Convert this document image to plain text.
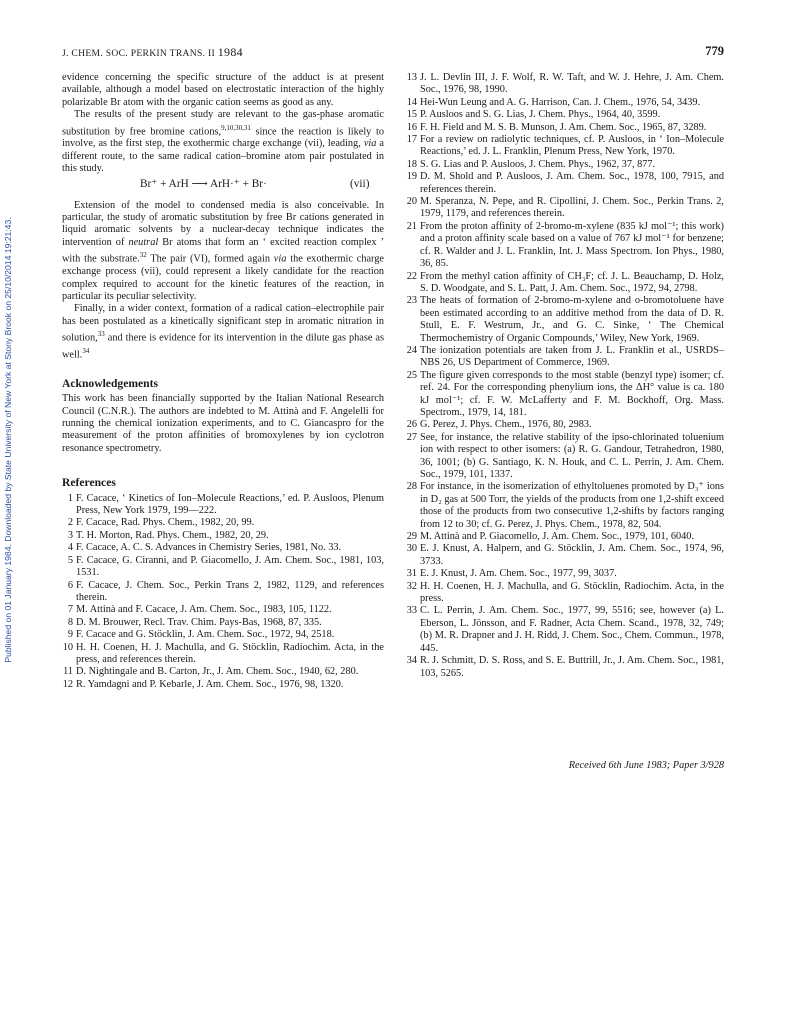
Published on 01 January 1984. Downloaded by State University of New York at Stony Brook on 25/10/2014 19:21:43.
J. CHEM. SOC. PERKIN TRANS. II 1984	779

evidence concerning the specific structure of the adduct is at present available, although a model based on electrostatic interaction of the highly polarizable Br atom with the organic cation seems as good as any.

The results of the present study are relevant to the gas-phase aromatic substitution by free bromine cations,$^{9,10,30,31}$ since the reaction is likely to involve, as the first step, the exothermic charge exchange (vii), leading, via a different route, to the same radical cation–bromine atom pair postulated in this study.

Br⁺ + ArH ⟶ ArH·⁺ + Br·	(vii)

Extension of the model to condensed media is also conceivable. In particular, the study of aromatic substitution by free Br cations generated in liquid aromatic solvents by a nuclear-decay technique indicates the intervention of neutral Br atoms that form an ‘ excited reaction complex ’ with the substrate.$^{32}$ The pair (VI), formed again via the exothermic charge exchange process (vii), could represent a likely candidate for the reaction complex required to account for the kinetic features of the reaction, in particular its peculiar selectivity.

Finally, in a wider context, formation of a radical cation–electrophile pair has been postulated as a kinetically significant step in aromatic nitration in solution,$^{33}$ and there is evidence for its intervention in the dilute gas phase as well.$^{34}$

Acknowledgements

This work has been financially supported by the Italian National Research Council (C.N.R.). The authors are indebted to M. Attinà and F. Angelelli for running the chemical ionization experiments, and to C. Giancaspro for the measurement of the proton affinities of bromoxylenes by ion cyclotron resonance spectrometry.

References
1 F. Cacace, ‘ Kinetics of Ion–Molecule Reactions,’ ed. P. Ausloos, Plenum Press, New York 1979, 199—222.
2 F. Cacace, Rad. Phys. Chem., 1982, 20, 99.
3 T. H. Morton, Rad. Phys. Chem., 1982, 20, 29.
4 F. Cacace, A. C. S. Advances in Chemistry Series, 1981, No. 33.
5 F. Cacace, G. Ciranni, and P. Giacomello, J. Am. Chem. Soc., 1981, 103, 1531.
6 F. Cacace, J. Chem. Soc., Perkin Trans 2, 1982, 1129, and references therein.
7 M. Attinà and F. Cacace, J. Am. Chem. Soc., 1983, 105, 1122.
8 D. M. Brouwer, Recl. Trav. Chim. Pays-Bas, 1968, 87, 335.
9 F. Cacace and G. Stöcklin, J. Am. Chem. Soc., 1972, 94, 2518.
10 H. H. Coenen, H. J. Machulla, and G. Stöcklin, Radiochim. Acta, in the press, and references therein.
11 D. Nightingale and B. Carton, Jr., J. Am. Chem. Soc., 1940, 62, 280.
12 R. Yamdagni and P. Kebarle, J. Am. Chem. Soc., 1976, 98, 1320.
13 J. L. Devlin III, J. F. Wolf, R. W. Taft, and W. J. Hehre, J. Am. Chem. Soc., 1976, 98, 1990.
14 Hei-Wun Leung and A. G. Harrison, Can. J. Chem., 1976, 54, 3439.
15 P. Ausloos and S. G. Lias, J. Chem. Phys., 1964, 40, 3599.
16 F. H. Field and M. S. B. Munson, J. Am. Chem. Soc., 1965, 87, 3289.
17 For a review on radiolytic techniques, cf. P. Ausloos, in ‘ Ion–Molecule Reactions,’ ed. J. L. Franklin, Plenum Press, New York, 1970.
18 S. G. Lias and P. Ausloos, J. Chem. Phys., 1962, 37, 877.
19 D. M. Shold and P. Ausloos, J. Am. Chem. Soc., 1978, 100, 7915, and references therein.
20 M. Speranza, N. Pepe, and R. Cipollini, J. Chem. Soc., Perkin Trans. 2, 1979, 1179, and references therein.
21 From the proton affinity of 2-bromo-m-xylene (835 kJ mol⁻¹; this work) and a proton affinity scale based on a value of 767 kJ mol⁻¹ for benzene; cf. R. Walder and J. L. Franklin, Int. J. Mass Spectrom. Ion Phys., 1980, 36, 85.
22 From the methyl cation affinity of CH₃F; cf. J. L. Beauchamp, D. Holz, S. D. Woodgate, and S. L. Patt, J. Am. Chem. Soc., 1972, 94, 2798.
23 The heats of formation of 2-bromo-m-xylene and o-bromotoluene have been estimated according to an additive method from the data of D. R. Stull, E. F. Westrum, Jr., and G. C. Sinke, ‘ The Chemical Thermochemistry of Organic Compounds,’ Wiley, New York, 1969.
24 The ionization potentials are taken from J. L. Franklin et al., USRDS–NBS 26, US Department of Commerce, 1969.
25 The figure given corresponds to the most stable (benzyl type) isomer; cf. ref. 24. For the corresponding phenylium ions, the ΔH° value is ca. 180 kJ mol⁻¹; cf. F. W. McLafferty and F. M. Bockhoff, Org. Mass. Spectrom., 1979, 14, 181.
26 G. Perez, J. Phys. Chem., 1976, 80, 2983.
27 See, for instance, the relative stability of the ipso-chlorinated toluenium ion with respect to other isomers: (a) R. G. Gandour, Tetrahedron, 1980, 36, 1001; (b) G. Santiago, K. N. Houk, and C. L. Perrin, J. Am. Chem. Soc., 1979, 101, 1337.
28 For instance, in the isomerization of ethyltoluenes promoted by D₃⁺ ions in D₂ gas at 500 Torr, the yields of the products from one 1,2-shift exceed those of the products from two consecutive 1,2-shifts by factors ranging from 12 to 30; cf. G. Perez, J. Phys. Chem., 1978, 82, 504.
29 M. Attinà and P. Giacomello, J. Am. Chem. Soc., 1979, 101, 6040.
30 E. J. Knust, A. Halpern, and G. Stöcklin, J. Am. Chem. Soc., 1974, 96, 3733.
31 E. J. Knust, J. Am. Chem. Soc., 1977, 99, 3037.
32 H. H. Coenen, H. J. Machulla, and G. Stöcklin, Radiochim. Acta, in the press.
33 C. L. Perrin, J. Am. Chem. Soc., 1977, 99, 5516; see, however (a) L. Eberson, L. Jönsson, and F. Radner, Acta Chem. Scand., 1978, 32, 749; (b) M. R. Drapner and J. H. Ridd, J. Chem. Soc., Chem. Commun., 1978, 445.
34 R. J. Schmitt, D. S. Ross, and S. E. Buttrill, Jr., J. Am. Chem. Soc., 1981, 103, 5265.
Received 6th June 1983; Paper 3/928
